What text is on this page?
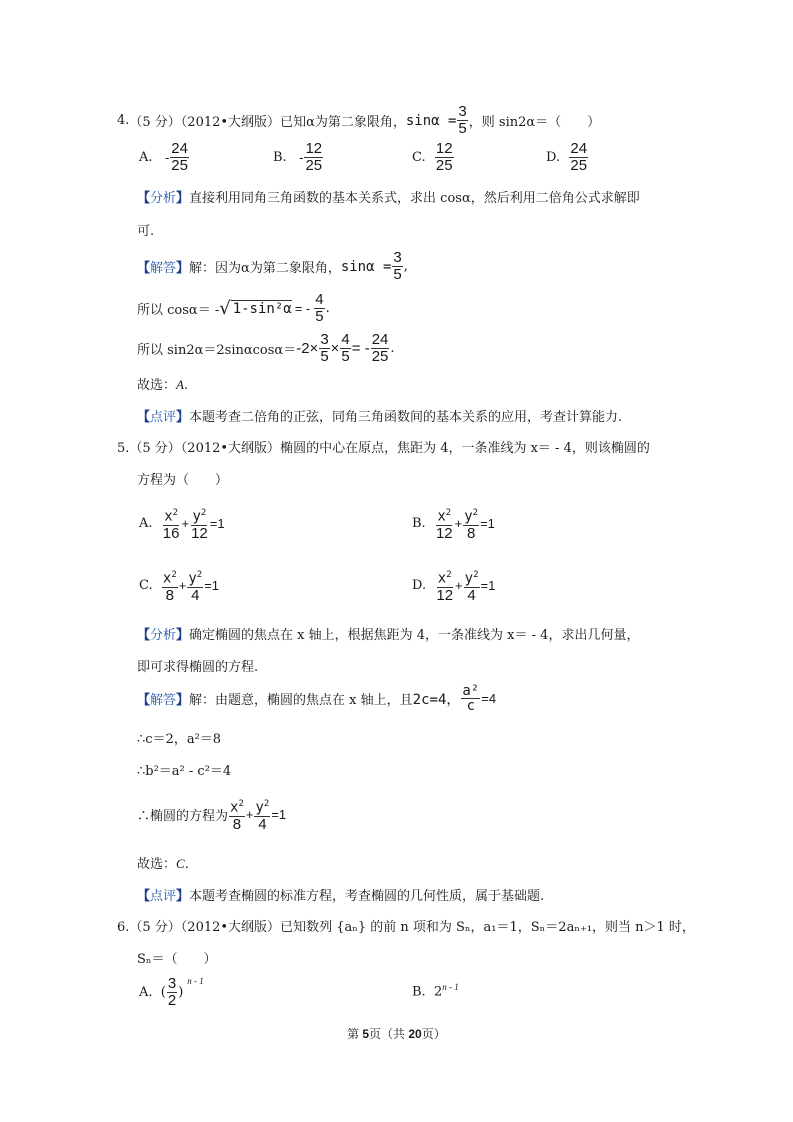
4. （5 分）（2012•大纲版） 已知α为第二象限角， $\sin\alpha = \frac{3}{5}$ ，则 sin2α＝（　　）
A.
- $\frac{24}{25}$	B.
- $\frac{12}{25}$	C.
$\frac{12}{25}$	D.
$\frac{24}{25}$
【分析】直接利用同角三角函数的基本关系式，求出 cosα，然后利用二倍角公式求解即
可.
【解答】 解：因为α为第二象限角， $\sin\alpha = \frac{3}{5}$ ,
所以 cosα＝ - √ 1-sin²α = - $\frac{4}{5}$ .
所以 $\sin 2\alpha=2\sin\alpha\cos\alpha= -2\times \frac{3}{5} \times \frac{4}{5}$ = - $\frac{24}{25}$ .
故选：A.
【点评】本题考查二倍角的正弦，同角三角函数间的基本关系的应用，考查计算能力.
5.（5 分）（2012•大纲版）椭圆的中心在原点，焦距为 4，一条准线为 x＝ - 4，则该椭圆的
方程为（　　）
A.
$\frac{x^2}{16} + \frac{y^2}{12} =1$	B.
$\frac{x^2}{12} + \frac{y^2}{8} =1$
C.
$\frac{x^2}{8} + \frac{y^2}{4} =1$	D.
$\frac{x^2}{12} + \frac{y^2}{4} =1$
【分析】确定椭圆的焦点在 x 轴上，根据焦距为 4，一条准线为 x＝ - 4，求出几何量，
即可求得椭圆的方程.
【解答】 解：由题意，椭圆的焦点在 x 轴上，且 2c=4， $\frac{\text{a²}}{c} =4$
∴c＝2，a²＝8
∴b²＝a² - c²＝4
∴椭圆的方程为 $\frac{x^2}{8} + \frac{y^2}{4} =1$
故选：C.
【点评】本题考查椭圆的标准方程，考查椭圆的几何性质，属于基础题.
6.（5 分）（2012•大纲版）已知数列 {aₙ} 的前 n 项和为 Sₙ，a₁＝1，Sₙ＝2aₙ₊₁，则当 n＞1 时，
Sₙ＝（　　）
A.
( $\frac{3}{2}$ )
$^{n - 1}$
B. 2$^{n - 1}$
第 5页（共 20页）
